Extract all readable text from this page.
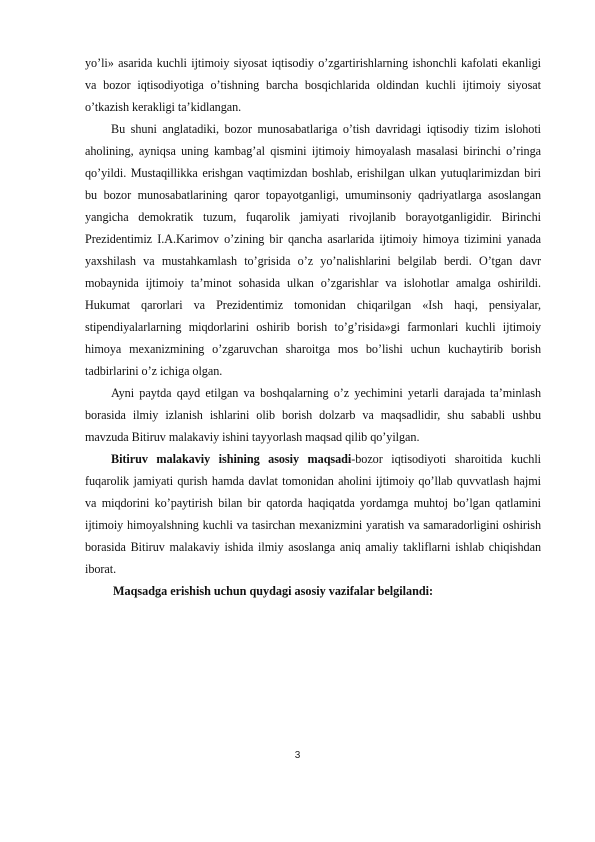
yo’li» asarida kuchli ijtimoiy siyosat iqtisodiy o’zgartirishlarning ishonchli kafolati ekanligi va bozor iqtisodiyotiga o’tishning barcha bosqichlarida oldindan kuchli ijtimoiy siyosat o’tkazish kerakligi ta’kidlangan.

Bu shuni anglatadiki, bozor munosabatlariga o’tish davridagi iqtisodiy tizim islohoti aholining, ayniqsa uning kambag’al qismini ijtimoiy himoyalash masalasi birinchi o’ringa qo’yildi. Mustaqillikka erishgan vaqtimizdan boshlab, erishilgan ulkan yutuqlarimizdan biri bu bozor munosabatlarining qaror topayotganligi, umuminsoniy qadriyatlarga asoslangan yangicha demokratik tuzum, fuqarolik jamiyati rivojlanib borayotganligidir. Birinchi Prezidentimiz I.A.Karimov o’zining bir qancha asarlarida ijtimoiy himoya tizimini yanada yaxshilash va mustahkamlash to’grisida o’z yo’nalishlarini belgilab berdi. O’tgan davr mobaynida ijtimoiy ta’minot sohasida ulkan o’zgarishlar va islohotlar amalga oshirildi. Hukumat qarorlari va Prezidentimiz tomonidan chiqarilgan «Ish haqi, pensiyalar, stipendiyalarlarning miqdorlarini oshirib borish to’g’risida»gi farmonlari kuchli ijtimoiy himoya mexanizmining o’zgaruvchan sharoitga mos bo’lishi uchun kuchaytirib borish tadbirlarini o’z ichiga olgan.

Ayni paytda qayd etilgan va boshqalarning o’z yechimini yetarli darajada ta’minlash borasida ilmiy izlanish ishlarini olib borish dolzarb va maqsadlidir, shu sababli ushbu mavzuda Bitiruv malakaviy ishini tayyorlash maqsad qilib qo’yilgan.

Bitiruv malakaviy ishining asosiy maqsadi-bozor iqtisodiyoti sharoitida kuchli fuqarolik jamiyati qurish hamda davlat tomonidan aholini ijtimoiy qo’llab quvvatlash hajmi va miqdorini ko’paytirish bilan bir qatorda haqiqatda yordamga muhtoj bo’lgan qatlamini ijtimoiy himoyalshning kuchli va tasirchan mexanizmini yaratish va samaradorligini oshirish borasida Bitiruv malakaviy ishida ilmiy asoslanga aniq amaliy takliflarni ishlab chiqishdan iborat.

Maqsadga erishish uchun quydagi asosiy vazifalar belgilandi:

3
